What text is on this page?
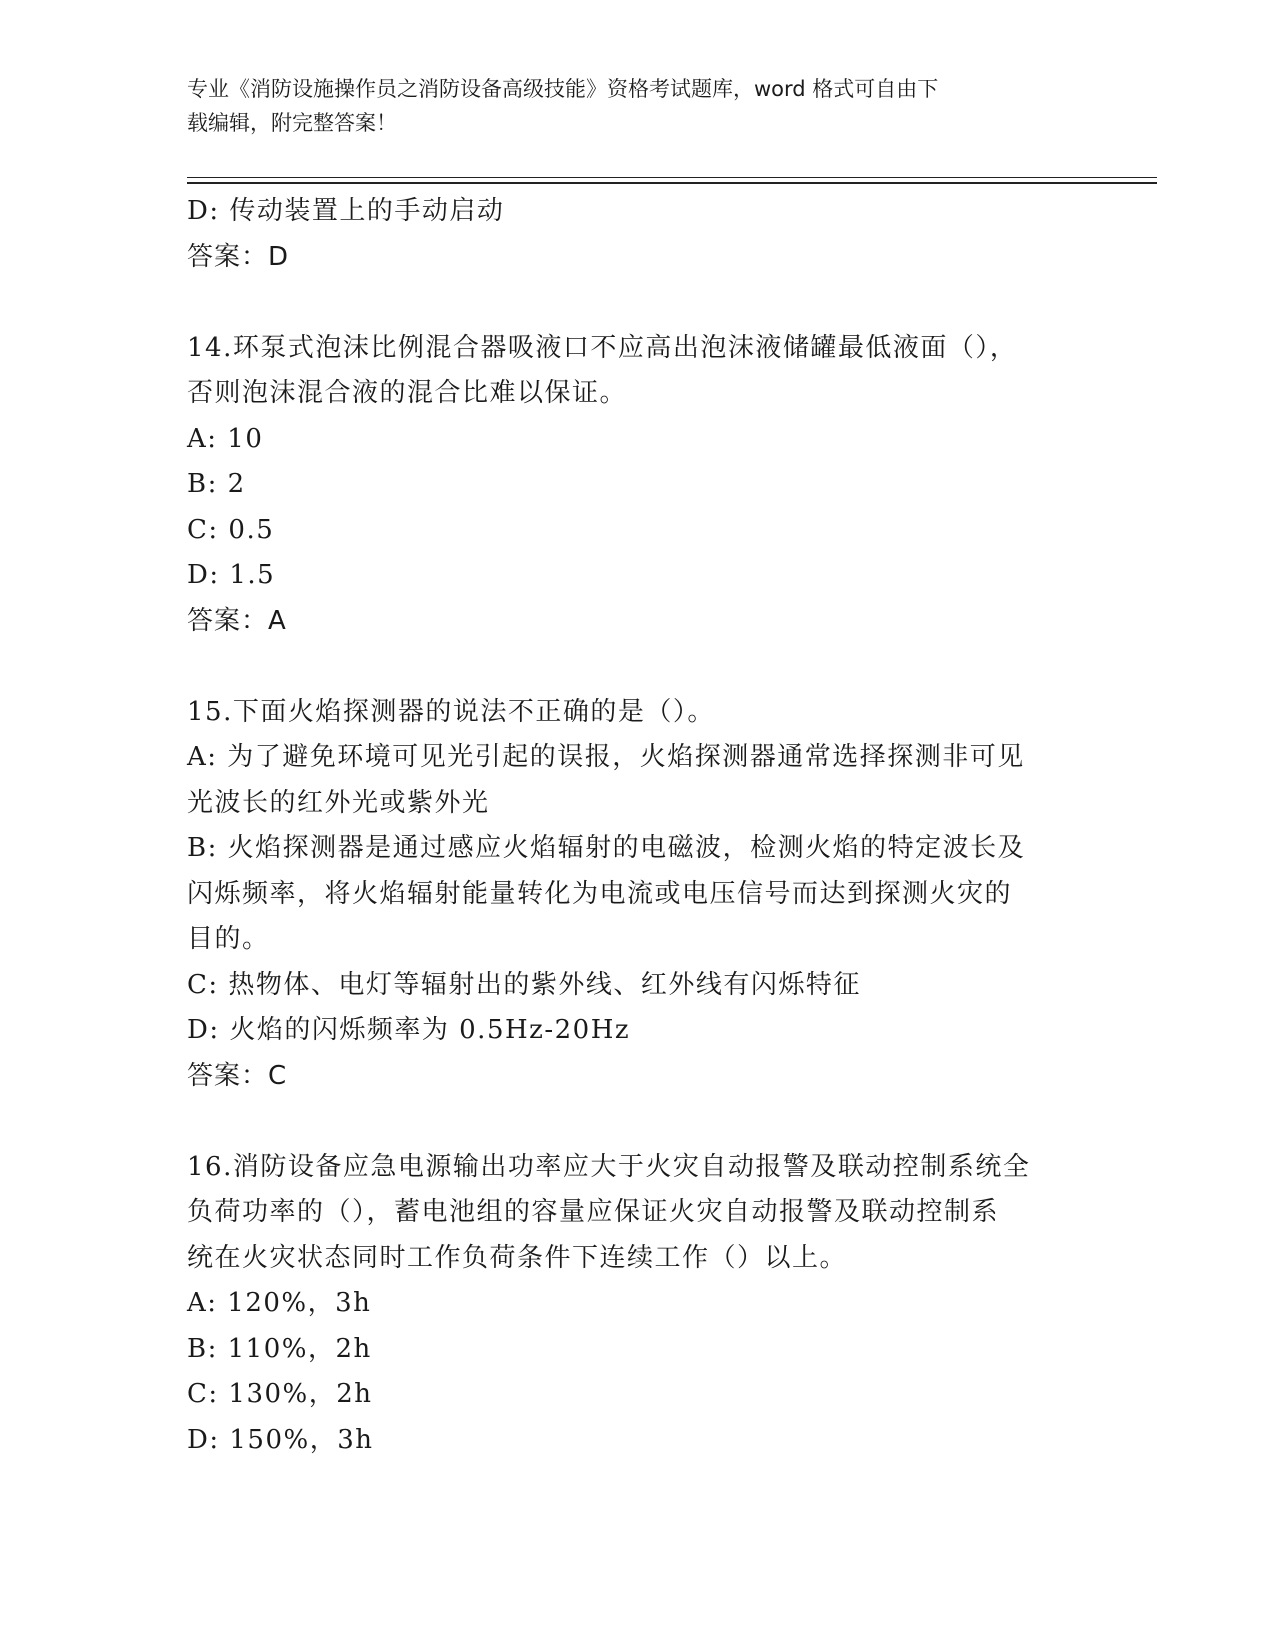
专业《消防设施操作员之消防设备高级技能》资格考试题库，word 格式可自由下
载编辑，附完整答案！
D: 传动装置上的手动启动
答案：D
14.环泵式泡沫比例混合器吸液口不应高出泡沫液储罐最低液面（），
否则泡沫混合液的混合比难以保证。
A: 10
B: 2
C: 0.5
D: 1.5
答案：A
15.下面火焰探测器的说法不正确的是（）。
A: 为了避免环境可见光引起的误报，火焰探测器通常选择探测非可见
光波长的红外光或紫外光
B: 火焰探测器是通过感应火焰辐射的电磁波，检测火焰的特定波长及
闪烁频率，将火焰辐射能量转化为电流或电压信号而达到探测火灾的
目的。
C: 热物体、电灯等辐射出的紫外线、红外线有闪烁特征
D: 火焰的闪烁频率为 0.5Hz-20Hz
答案：C
16.消防设备应急电源输出功率应大于火灾自动报警及联动控制系统全
负荷功率的（），蓄电池组的容量应保证火灾自动报警及联动控制系
统在火灾状态同时工作负荷条件下连续工作（）以上。
A: 120%，3h
B: 110%，2h
C: 130%，2h
D: 150%，3h
